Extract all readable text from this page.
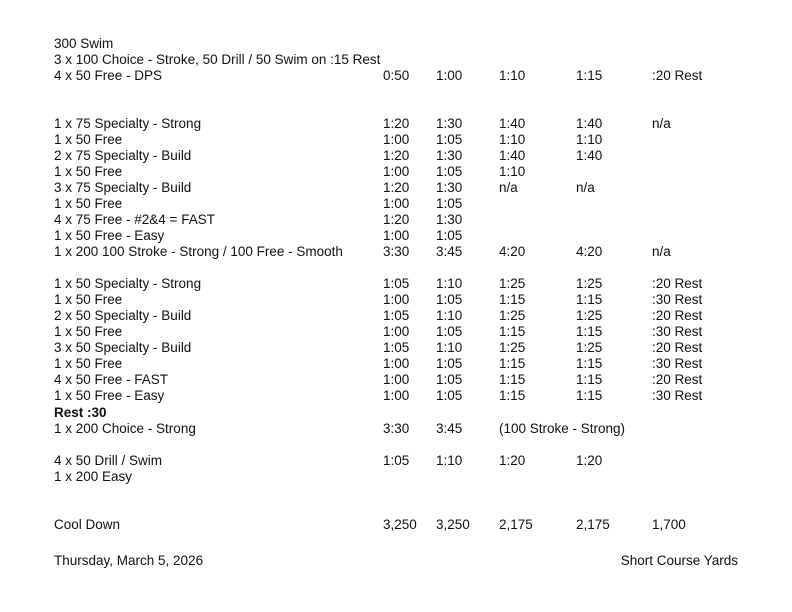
300 Swim
3 x 100 Choice - Stroke, 50 Drill / 50 Swim on :15 Rest
4 x 50 Free - DPS	0:50 1:00	1:10	1:15	:20 Rest
1 x 75 Specialty - Strong	1:20 1:30	1:40	1:40	n/a
1 x 50 Free	1:00 1:05	1:10	1:10
2 x 75 Specialty - Build	1:20 1:30	1:40	1:40
1 x 50 Free	1:00 1:05	1:10
3 x 75 Specialty - Build	1:20 1:30	n/a	n/a
1 x 50 Free	1:00 1:05
4 x 75 Free - #2&4 = FAST	1:20 1:30
1 x 50 Free - Easy	1:00 1:05
1 x 200 100 Stroke - Strong / 100 Free - Smooth	3:30 3:45	4:20	4:20	n/a
1 x 50 Specialty - Strong	1:05 1:10	1:25	1:25	:20 Rest
1 x 50 Free	1:00 1:05	1:15	1:15	:30 Rest
2 x 50 Specialty - Build	1:05 1:10	1:25	1:25	:20 Rest
1 x 50 Free	1:00 1:05	1:15	1:15	:30 Rest
3 x 50 Specialty - Build	1:05 1:10	1:25	1:25	:20 Rest
1 x 50 Free	1:00 1:05	1:15	1:15	:30 Rest
4 x 50 Free - FAST	1:00 1:05	1:15	1:15	:20 Rest
1 x 50 Free - Easy	1:00 1:05	1:15	1:15	:30 Rest
Rest :30
1 x 200 Choice - Strong	3:30 3:45	(100 Stroke - Strong)
4 x 50 Drill / Swim	1:05 1:10	1:20	1:20
1 x 200 Easy
Cool Down	3,250 3,250 2,175	2,175	1,700
Thursday, March 5, 2026	Short Course Yards
